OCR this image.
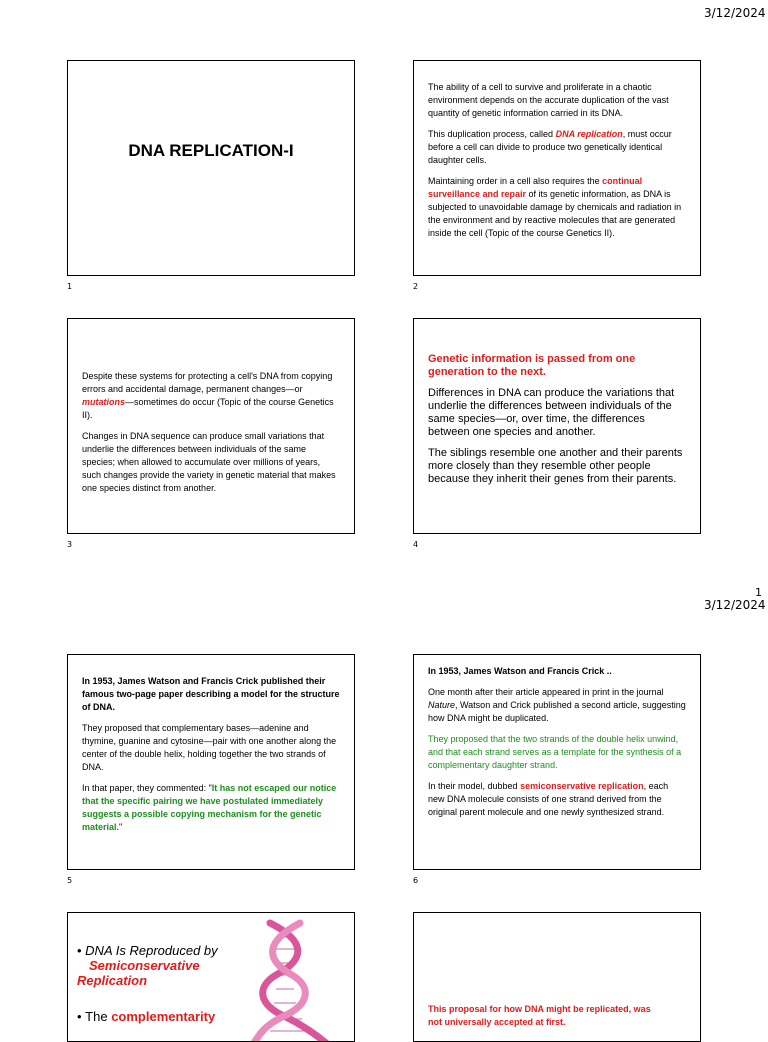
3/12/2024
DNA REPLICATION-I
1

The ability of a cell to survive and proliferate in a chaotic environment depends on the accurate duplication of the vast quantity of genetic information carried in its DNA.

This duplication process, called DNA replication, must occur before a cell can divide to produce two genetically identical daughter cells.

Maintaining order in a cell also requires the continual surveillance and repair of its genetic information, as DNA is subjected to unavoidable damage by chemicals and radiation in the environment and by reactive molecules that are generated inside the cell (Topic of the course Genetics II).

2

Despite these systems for protecting a cell's DNA from copying errors and accidental damage, permanent changes—or mutations—sometimes do occur (Topic of the course Genetics II).

Changes in DNA sequence can produce small variations that underlie the differences between individuals of the same species; when allowed to accumulate over millions of years, such changes provide the variety in genetic material that makes one species distinct from another.

3

Genetic information is passed from one generation to the next.

Differences in DNA can produce the variations that underlie the differences between individuals of the same species—or, over time, the differences between one species and another.

The siblings resemble one another and their parents more closely than they resemble other people because they inherit their genes from their parents.

4
1
3/12/2024

In 1953, James Watson and Francis Crick published their famous two-page paper describing a model for the structure of DNA.

They proposed that complementary bases—adenine and thymine, guanine and cytosine—pair with one another along the center of the double helix, holding together the two strands of DNA.

In that paper, they commented: "It has not escaped our notice that the specific pairing we have postulated immediately suggests a possible copying mechanism for the genetic material."

5

In 1953, James Watson and Francis Crick ..

One month after their article appeared in print in the journal Nature, Watson and Crick published a second article, suggesting how DNA might be duplicated.

They proposed that the two strands of the double helix unwind, and that each strand serves as a template for the synthesis of a complementary daughter strand.

In their model, dubbed semiconservative replication, each new DNA molecule consists of one strand derived from the original parent molecule and one newly synthesized strand.

6
• DNA Is Reproduced by
Semiconservative Replication
• The complementarity	This proposal for how DNA might be replicated, was
not universally accepted at first.
